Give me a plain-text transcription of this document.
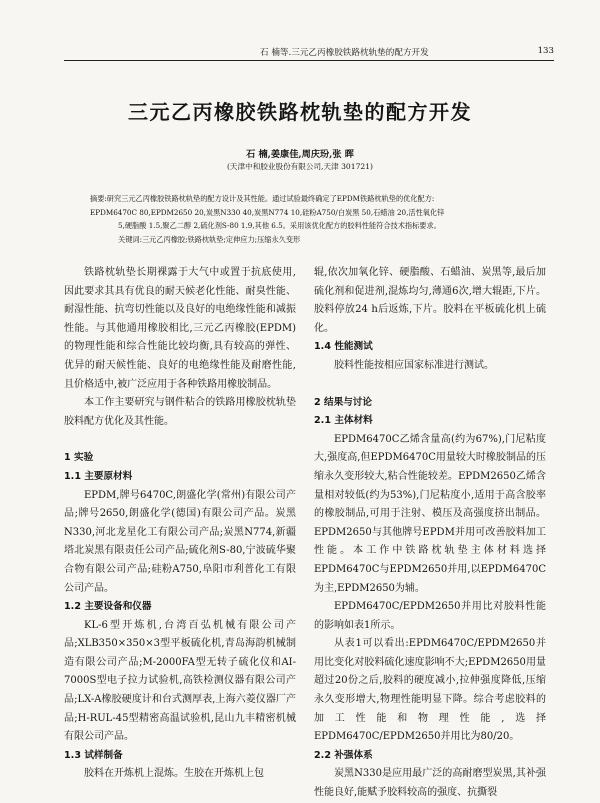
石 楠等.三元乙丙橡胶铁路枕轨垫的配方开发	133
三元乙丙橡胶铁路枕轨垫的配方开发
石 楠,姜康佳,周庆玢,张 晖
(天津中和胶业股份有限公司,天津 301721)
摘要:研究三元乙丙橡胶铁路枕轨垫的配方设计及其性能。通过试验最终确定了EPDM铁路枕轨垫的优化配方:
EPDM6470C 80,EPDM2650 20,炭黑N330 40,炭黑N774 10,硅粉A750/白炭黑 50,石蜡油 20,活性氧化锌
5,硬脂酸 1.5,聚乙二醇 2,硫化剂S-80 1.9,其他 6.5。采用该优化配方的胶料性能符合技术指标要求。
关键词:三元乙丙橡胶;铁路枕轨垫;定伸应力;压缩永久变形

铁路枕轨垫长期裸露于大气中或置于抗底使用,因此要求其具有优良的耐天候老化性能、耐臭性能、耐湿性能、抗弯切性能以及良好的电绝缘性能和减振性能。与其他通用橡胶相比,三元乙丙橡胶(EPDM)的物理性能和综合性能比较均衡,具有较高的弹性、优异的耐天候性能、良好的电绝缘性能及耐磨性能,且价格适中,被广泛应用于各种铁路用橡胶制品。

本工作主要研究与钢件粘合的铁路用橡胶枕轨垫胶料配方优化及其性能。

1 实验
1.1 主要原材料

EPDM,牌号6470C,朗盛化学(常州)有限公司产品;牌号2650,朗盛化学(德国)有限公司产品。炭黑N330,河北龙星化工有限公司产品;炭黑N774,新疆塔北炭黑有限责任公司产品;硫化剂S-80,宁波硫华聚合物有限公司产品;硅粉A750,阜阳市利普化工有限公司产品。

1.2 主要设备和仪器

KL-6型开炼机,台湾百弘机械有限公司产品;XLB350×350×3型平板硫化机,青岛海韵机械制造有限公司产品;M-2000FA型无转子硫化仪和AI-7000S型电子拉力试验机,高铁检测仪器有限公司产品;LX-A橡胶硬度计和台式测厚表,上海六菱仪器厂产品;H-RUL-45型精密高温试验机,昆山九丰精密机械有限公司产品。

1.3 试样制备

胶料在开炼机上混炼。生胶在开炼机上包

辊,依次加氧化锌、硬脂酸、石蜡油、炭黑等,最后加硫化剂和促进剂,混炼均匀,薄通6次,增大辊距,下片。胶料停放24 h后返炼,下片。胶料在平板硫化机上硫化。

1.4 性能测试

胶料性能按相应国家标准进行测试。

2 结果与讨论
2.1 主体材料

EPDM6470C乙烯含量高(约为67%),门尼粘度大,强度高,但EPDM6470C用量较大时橡胶制品的压缩永久变形较大,粘合性能较差。EPDM2650乙烯含量相对较低(约为53%),门尼粘度小,适用于高含胶率的橡胶制品,可用于注射、模压及高强度挤出制品。EPDM2650与其他牌号EPDM并用可改善胶料加工性能。本工作中铁路枕轨垫主体材料选择EPDM6470C与EPDM2650并用,以EPDM6470C为主,EPDM2650为辅。

EPDM6470C/EPDM2650并用比对胶料性能的影响如表1所示。

从表1可以看出:EPDM6470C/EPDM2650并用比变化对胶料硫化速度影响不大;EPDM2650用量超过20份之后,胶料的硬度减小,拉伸强度降低,压缩永久变形增大,物理性能明显下降。综合考虑胶料的加工性能和物理性能,选择EPDM6470C/EPDM2650并用比为80/20。

2.2 补强体系

炭黑N330是应用最广泛的高耐磨型炭黑,其补强性能良好,能赋予胶料较高的强度、抗撕裂
